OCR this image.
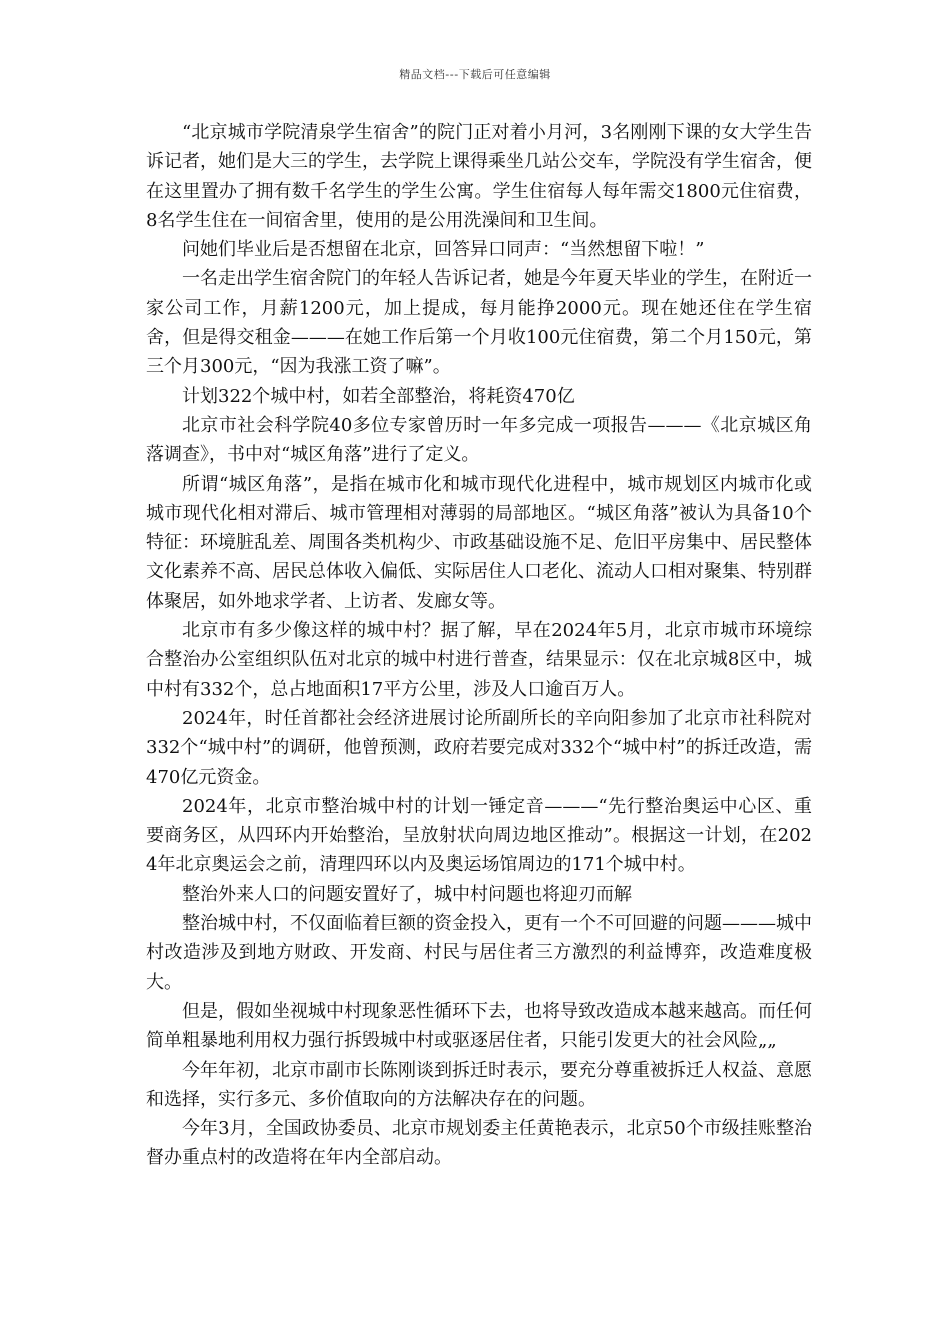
精品文档---下载后可任意编辑

“北京城市学院清泉学生宿舍”的院门正对着小月河，3名刚刚下课的女大学生告诉记者，她们是大三的学生，去学院上课得乘坐几站公交车，学院没有学生宿舍，便在这里置办了拥有数千名学生的学生公寓。学生住宿每人每年需交1800元住宿费，8名学生住在一间宿舍里，使用的是公用洗澡间和卫生间。

问她们毕业后是否想留在北京，回答异口同声：“当然想留下啦！”

一名走出学生宿舍院门的年轻人告诉记者，她是今年夏天毕业的学生，在附近一家公司工作，月薪1200元，加上提成，每月能挣2000元。现在她还住在学生宿舍，但是得交租金———在她工作后第一个月收100元住宿费，第二个月150元，第三个月300元，“因为我涨工资了嘛”。

计划322个城中村，如若全部整治，将耗资470亿

北京市社会科学院40多位专家曾历时一年多完成一项报告———《北京城区角落调查》，书中对“城区角落”进行了定义。

所谓“城区角落”，是指在城市化和城市现代化进程中，城市规划区内城市化或城市现代化相对滞后、城市管理相对薄弱的局部地区。“城区角落”被认为具备10个特征：环境脏乱差、周围各类机构少、市政基础设施不足、危旧平房集中、居民整体文化素养不高、居民总体收入偏低、实际居住人口老化、流动人口相对聚集、特别群体聚居，如外地求学者、上访者、发廊女等。

北京市有多少像这样的城中村？据了解，早在2024年5月，北京市城市环境综合整治办公室组织队伍对北京的城中村进行普查，结果显示：仅在北京城8区中，城中村有332个，总占地面积17平方公里，涉及人口逾百万人。

2024年，时任首都社会经济进展讨论所副所长的辛向阳参加了北京市社科院对332个“城中村”的调研，他曾预测，政府若要完成对332个“城中村”的拆迁改造，需470亿元资金。

2024年，北京市整治城中村的计划一锤定音———“先行整治奥运中心区、重要商务区，从四环内开始整治，呈放射状向周边地区推动”。根据这一计划，在2024年北京奥运会之前，清理四环以内及奥运场馆周边的171个城中村。

整治外来人口的问题安置好了，城中村问题也将迎刃而解

整治城中村，不仅面临着巨额的资金投入，更有一个不可回避的问题———城中村改造涉及到地方财政、开发商、村民与居住者三方激烈的利益博弈，改造难度极大。

但是，假如坐视城中村现象恶性循环下去，也将导致改造成本越来越高。而任何简单粗暴地利用权力强行拆毁城中村或驱逐居住者，只能引发更大的社会风险„„

今年年初，北京市副市长陈刚谈到拆迁时表示，要充分尊重被拆迁人权益、意愿和选择，实行多元、多价值取向的方法解决存在的问题。

今年3月，全国政协委员、北京市规划委主任黄艳表示，北京50个市级挂账整治督办重点村的改造将在年内全部启动。
